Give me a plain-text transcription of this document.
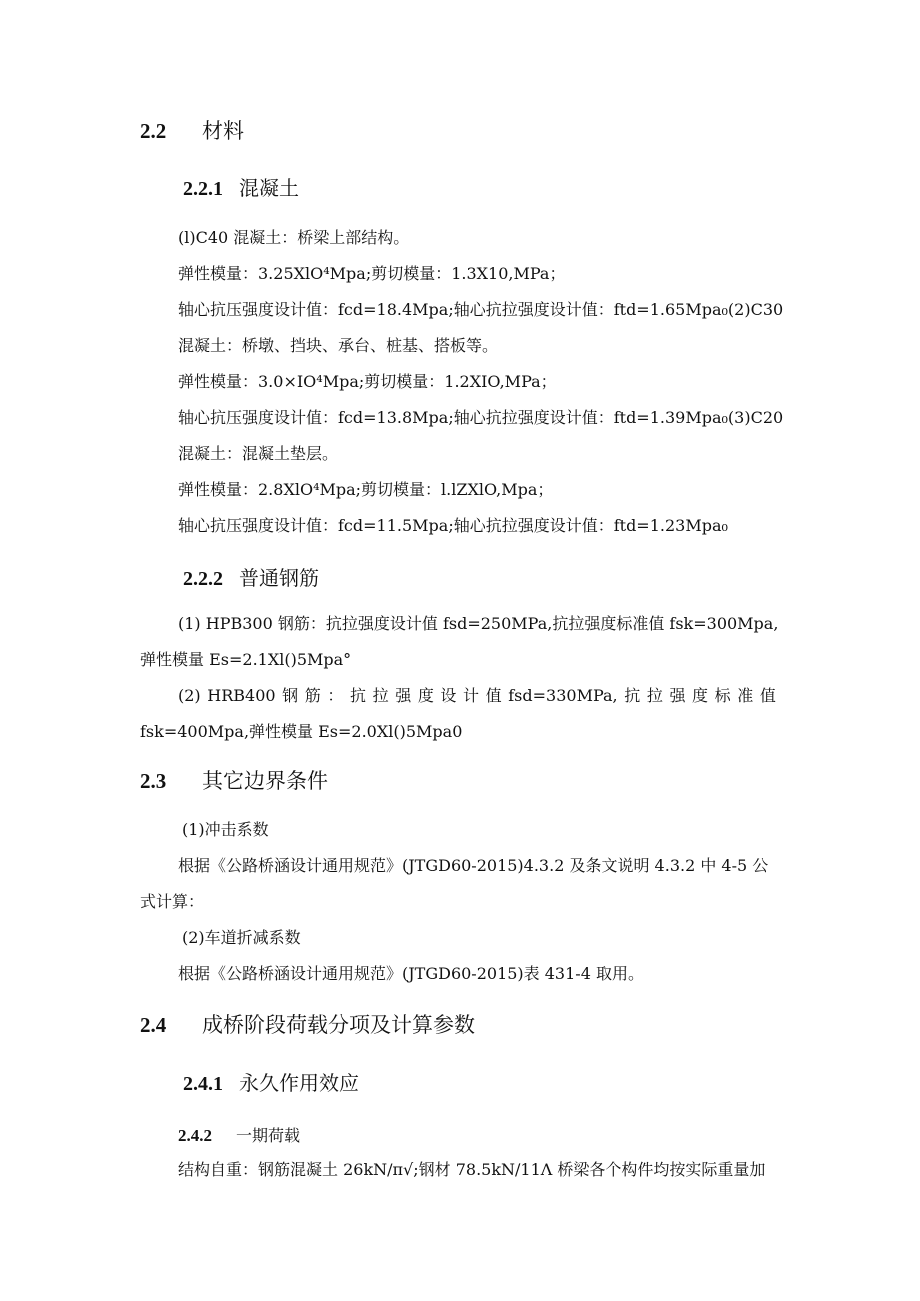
2.2 材料
2.2.1 混凝土
(l)C40 混凝土：桥梁上部结构。
弹性模量：3.25XlO⁴Mpa;剪切模量：1.3X10,MPa；
轴心抗压强度设计值：fcd=18.4Mpa;轴心抗拉强度设计值：ftd=1.65Mpa₀(2)C30
混凝土：桥墩、挡块、承台、桩基、搭板等。
弹性模量：3.0×IO⁴Mpa;剪切模量：1.2XIO,MPa；
轴心抗压强度设计值：fcd=13.8Mpa;轴心抗拉强度设计值：ftd=1.39Mpa₀(3)C20
混凝土：混凝土垫层。
弹性模量：2.8XlO⁴Mpa;剪切模量：l.lZXlO,Mpa；
轴心抗压强度设计值：fcd=11.5Mpa;轴心抗拉强度设计值：ftd=1.23Mpa₀
2.2.2 普通钢筋
(1) HPB300 钢筋：抗拉强度设计值 fsd=250MPa,抗拉强度标准值 fsk=300Mpa,
弹性模量 Es=2.1Xl()5Mpa°
(2) HRB400 钢 筋 ： 抗 拉 强 度 设 计 值 fsd=330MPa, 抗 拉 强 度 标 准 值
fsk=400Mpa,弹性模量 Es=2.0Xl()5Mpa0
2.3 其它边界条件
(1)冲击系数
根据《公路桥涵设计通用规范》(JTGD60-2015)4.3.2 及条文说明 4.3.2 中 4-5 公
式计算：
(2)车道折减系数
根据《公路桥涵设计通用规范》(JTGD60-2015)表 431-4 取用。
2.4 成桥阶段荷载分项及计算参数
2.4.1 永久作用效应
2.4.2 一期荷载
结构自重：钢筋混凝土 26kN/π√;钢材 78.5kN∕11Λ 桥梁各个构件均按实际重量加
